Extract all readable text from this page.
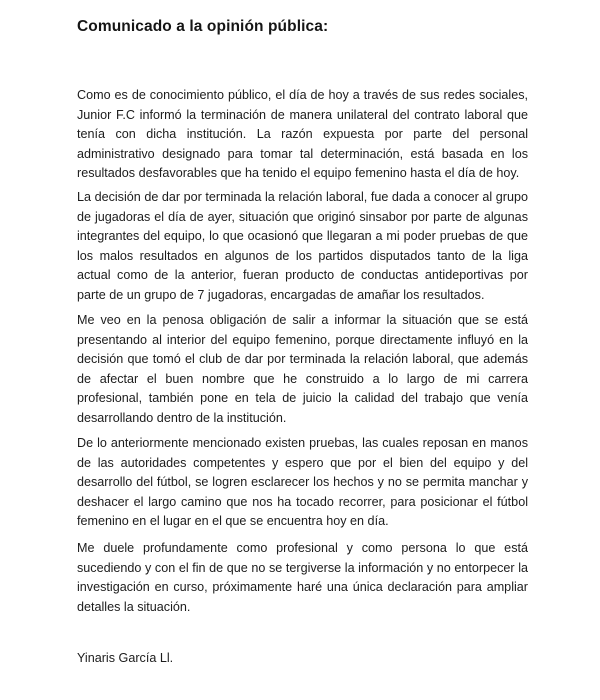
Comunicado a la opinión pública:

Como es de conocimiento público, el día de hoy a través de sus redes sociales, Junior F.C informó la terminación de manera unilateral del contrato laboral que tenía con dicha institución. La razón expuesta por parte del personal administrativo designado para tomar tal determinación, está basada en los resultados desfavorables que ha tenido el equipo femenino hasta el día de hoy.

La decisión de dar por terminada la relación laboral, fue dada a conocer al grupo de jugadoras el día de ayer, situación que originó sinsabor por parte de algunas integrantes del equipo, lo que ocasionó que llegaran a mi poder pruebas de que los malos resultados en algunos de los partidos disputados tanto de la liga actual como de la anterior, fueran producto de conductas antideportivas por parte de un grupo de 7 jugadoras, encargadas de amañar los resultados.

Me veo en la penosa obligación de salir a informar la situación que se está presentando al interior del equipo femenino, porque directamente influyó en la decisión que tomó el club de dar por terminada la relación laboral, que además de afectar el buen nombre que he construido a lo largo de mi carrera profesional, también pone en tela de juicio la calidad del trabajo que venía desarrollando dentro de la institución.

De lo anteriormente mencionado existen pruebas, las cuales reposan en manos de las autoridades competentes y espero que por el bien del equipo y del desarrollo del fútbol, se logren esclarecer los hechos y no se permita manchar y deshacer el largo camino que nos ha tocado recorrer, para posicionar el fútbol femenino en el lugar en el que se encuentra hoy en día.

Me duele profundamente como profesional y como persona lo que está sucediendo y con el fin de que no se tergiverse la información y no entorpecer la investigación en curso, próximamente haré una única declaración para ampliar detalles la situación.

Yinaris García Ll.
